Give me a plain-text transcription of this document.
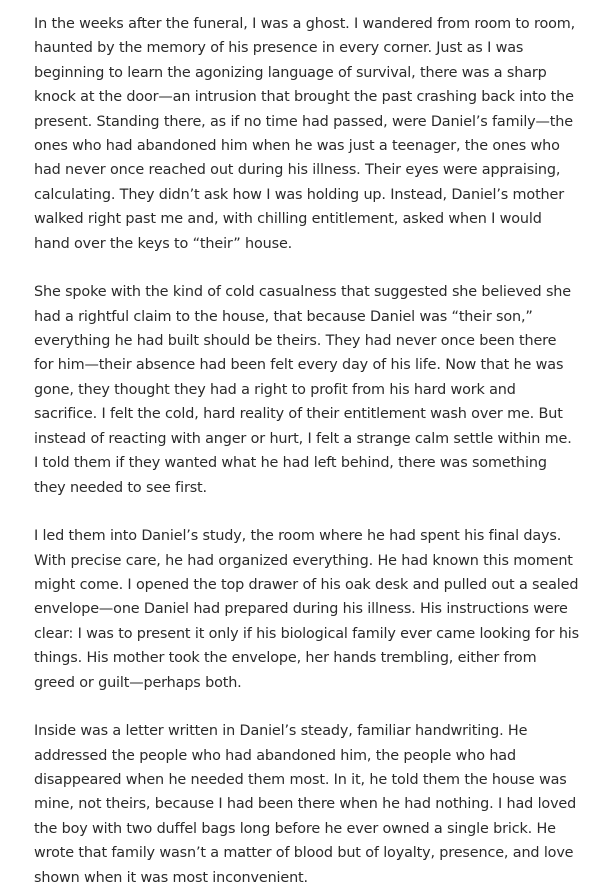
In the weeks after the funeral, I was a ghost. I wandered from room to room, haunted by the memory of his presence in every corner. Just as I was beginning to learn the agonizing language of survival, there was a sharp knock at the door—an intrusion that brought the past crashing back into the present. Standing there, as if no time had passed, were Daniel’s family—the ones who had abandoned him when he was just a teenager, the ones who had never once reached out during his illness. Their eyes were appraising, calculating. They didn’t ask how I was holding up. Instead, Daniel’s mother walked right past me and, with chilling entitlement, asked when I would hand over the keys to “their” house.

She spoke with the kind of cold casualness that suggested she believed she had a rightful claim to the house, that because Daniel was “their son,” everything he had built should be theirs. They had never once been there for him—their absence had been felt every day of his life. Now that he was gone, they thought they had a right to profit from his hard work and sacrifice. I felt the cold, hard reality of their entitlement wash over me. But instead of reacting with anger or hurt, I felt a strange calm settle within me. I told them if they wanted what he had left behind, there was something they needed to see first.

I led them into Daniel’s study, the room where he had spent his final days. With precise care, he had organized everything. He had known this moment might come. I opened the top drawer of his oak desk and pulled out a sealed envelope—one Daniel had prepared during his illness. His instructions were clear: I was to present it only if his biological family ever came looking for his things. His mother took the envelope, her hands trembling, either from greed or guilt—perhaps both.

Inside was a letter written in Daniel’s steady, familiar handwriting. He addressed the people who had abandoned him, the people who had disappeared when he needed them most. In it, he told them the house was mine, not theirs, because I had been there when he had nothing. I had loved the boy with two duffel bags long before he ever owned a single brick. He wrote that family wasn’t a matter of blood but of loyalty, presence, and love shown when it was most inconvenient.
